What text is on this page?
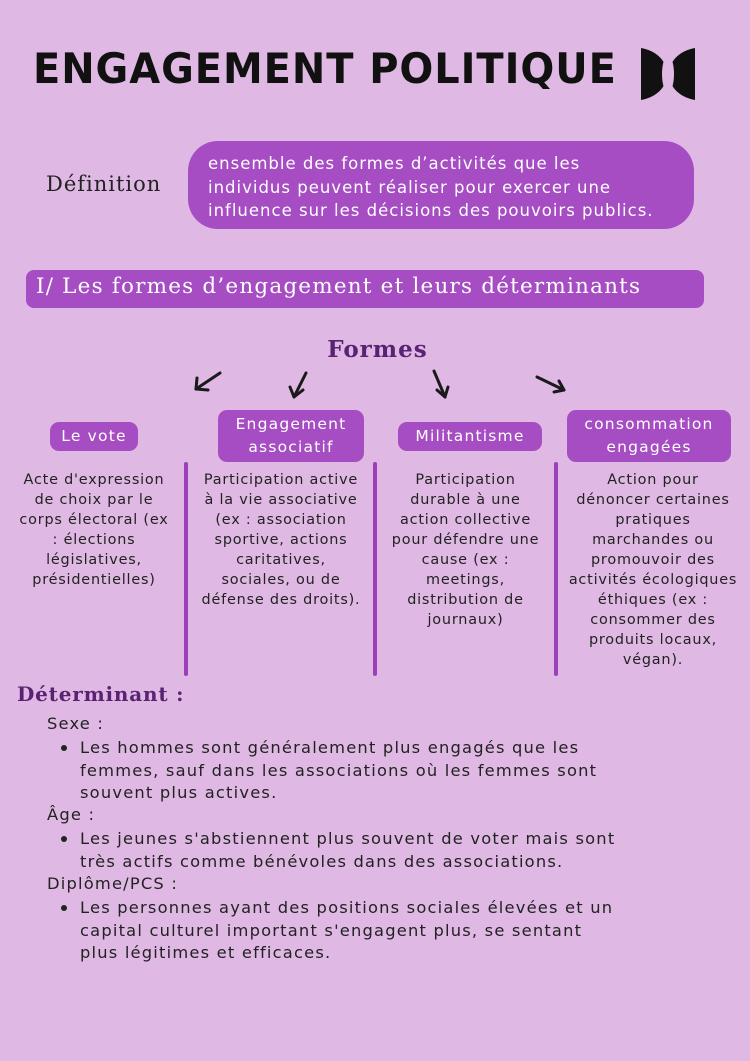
ENGAGEMENT POLITIQUE
Définition
ensemble des formes d’activités que les
individus peuvent réaliser pour exercer une
influence sur les décisions des pouvoirs publics.
I/ Les formes d’engagement et leurs déterminants
Formes
Le vote
Engagement
associatif
Militantisme
consommation
engagées
Acte d'expression
de choix par le
corps électoral (ex
: élections
législatives,
présidentielles)
Participation active
à la vie associative
(ex : association
sportive, actions
caritatives,
sociales, ou de
défense des droits).
Participation
durable à une
action collective
pour défendre une
cause (ex :
meetings,
distribution de
journaux)
Action pour
dénoncer certaines
pratiques
marchandes ou
promouvoir des
activités écologiques
éthiques (ex :
consommer des
produits locaux,
végan).
Déterminant :
Sexe :
Les hommes sont généralement plus engagés que les
femmes, sauf dans les associations où les femmes sont
souvent plus actives.
Âge :
Les jeunes s'abstiennent plus souvent de voter mais sont
très actifs comme bénévoles dans des associations.
Diplôme/PCS :
Les personnes ayant des positions sociales élevées et un
capital culturel important s'engagent plus, se sentant
plus légitimes et efficaces.
